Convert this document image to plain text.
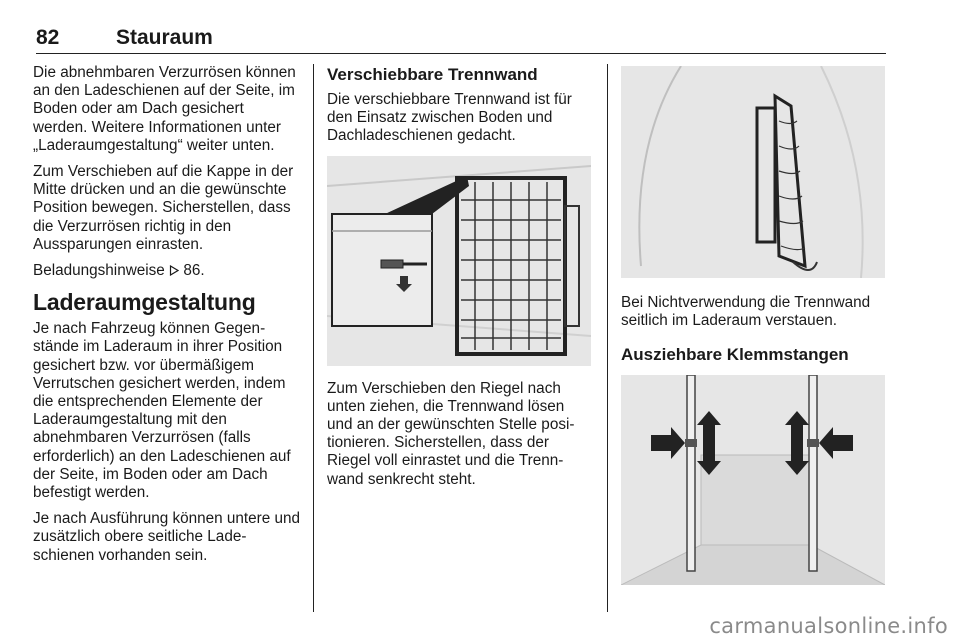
82	Stauraum

Die abnehmbaren Verzurrösen können an den Ladeschienen auf der Seite, im Boden oder am Dach gesichert werden. Weitere Informationen unter „Laderaumgestaltung“ weiter unten.

Zum Verschieben auf die Kappe in der Mitte drücken und an die gewünschte Position bewegen. Sicherstellen, dass die Verzurrösen richtig in den Aussparungen einrasten.

Beladungshinweise 86.

Laderaumgestaltung

Je nach Fahrzeug können Gegenstände im Laderaum in ihrer Position gesichert bzw. vor übermäßigem Verrutschen gesichert werden, indem die entsprechenden Elemente der Laderaumgestaltung mit den abnehmbaren Verzurrösen (falls erforderlich) an den Ladeschienen auf der Seite, im Boden oder am Dach befestigt werden.

Je nach Ausführung können untere und zusätzlich obere seitliche Ladeschienen vorhanden sein.

Verschiebbare Trennwand

Die verschiebbare Trennwand ist für den Einsatz zwischen Boden und Dachladeschienen gedacht.

Zum Verschieben den Riegel nach unten ziehen, die Trennwand lösen und an der gewünschten Stelle positionieren. Sicherstellen, dass der Riegel voll einrastet und die Trennwand senkrecht steht.

Bei Nichtverwendung die Trennwand seitlich im Laderaum verstauen.

Ausziehbare Klemmstangen
carmanualsonline.info
